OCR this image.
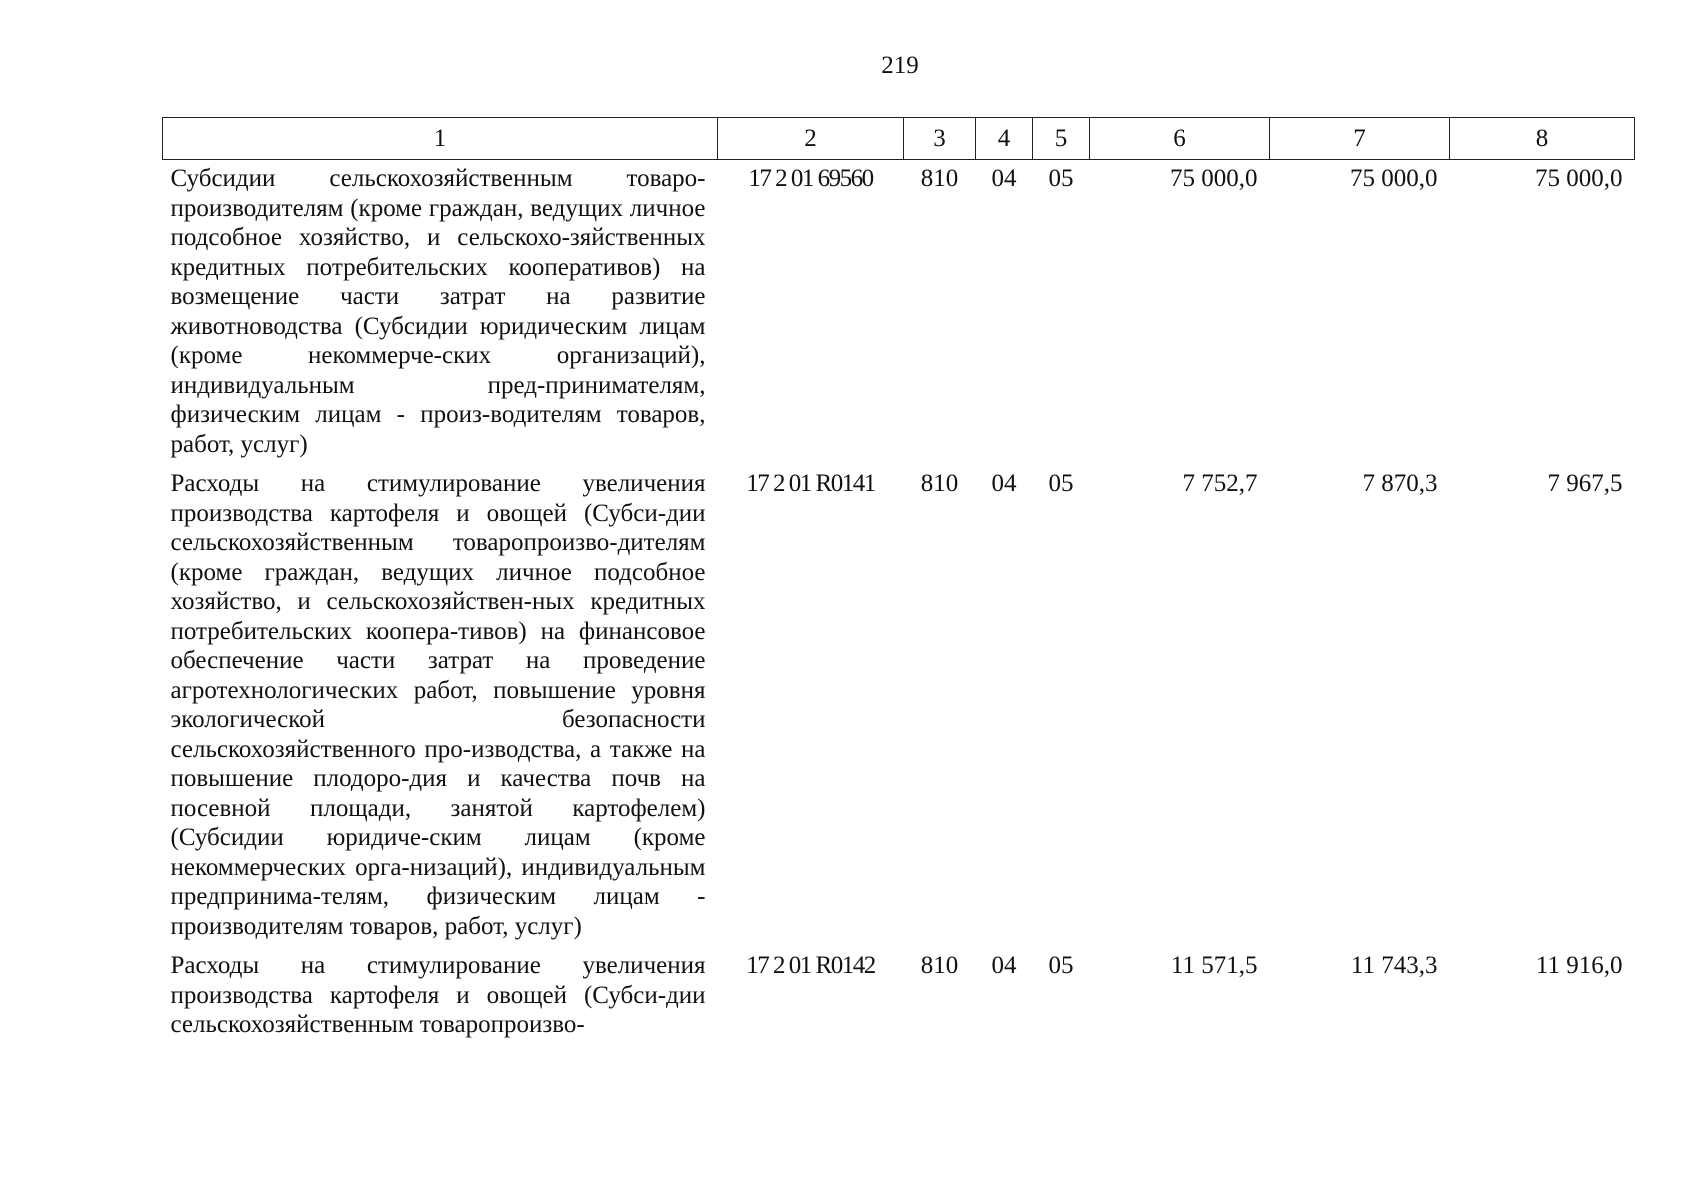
219
1	2	3	4	5	6	7	8
Субсидии сельскохозяйственным товаро-производителям (кроме граждан, ведущих личное подсобное хозяйство, и сельскохо-зяйственных кредитных потребительских кооперативов) на возмещение части затрат на развитие животноводства (Субсидии юридическим лицам (кроме некоммерче-ских организаций), индивидуальным пред-принимателям, физическим лицам - произ-водителям товаров, работ, услуг)	17 2 01 69560	810	04	05	75 000,0	75 000,0	75 000,0
Расходы на стимулирование увеличения производства картофеля и овощей (Субси-дии сельскохозяйственным товаропроизво-дителям (кроме граждан, ведущих личное подсобное хозяйство, и сельскохозяйствен-ных кредитных потребительских коопера-тивов) на финансовое обеспечение части затрат на проведение агротехнологических работ, повышение уровня экологической безопасности сельскохозяйственного про-изводства, а также на повышение плодоро-дия и качества почв на посевной площади, занятой картофелем) (Субсидии юридиче-ским лицам (кроме некоммерческих орга-низаций), индивидуальным предпринима-телям, физическим лицам - производителям товаров, работ, услуг)	17 2 01 R0141	810	04	05	7 752,7	7 870,3	7 967,5
Расходы на стимулирование увеличения производства картофеля и овощей (Субси-дии сельскохозяйственным товаропроизво-	17 2 01 R0142	810	04	05	11 571,5	11 743,3	11 916,0
